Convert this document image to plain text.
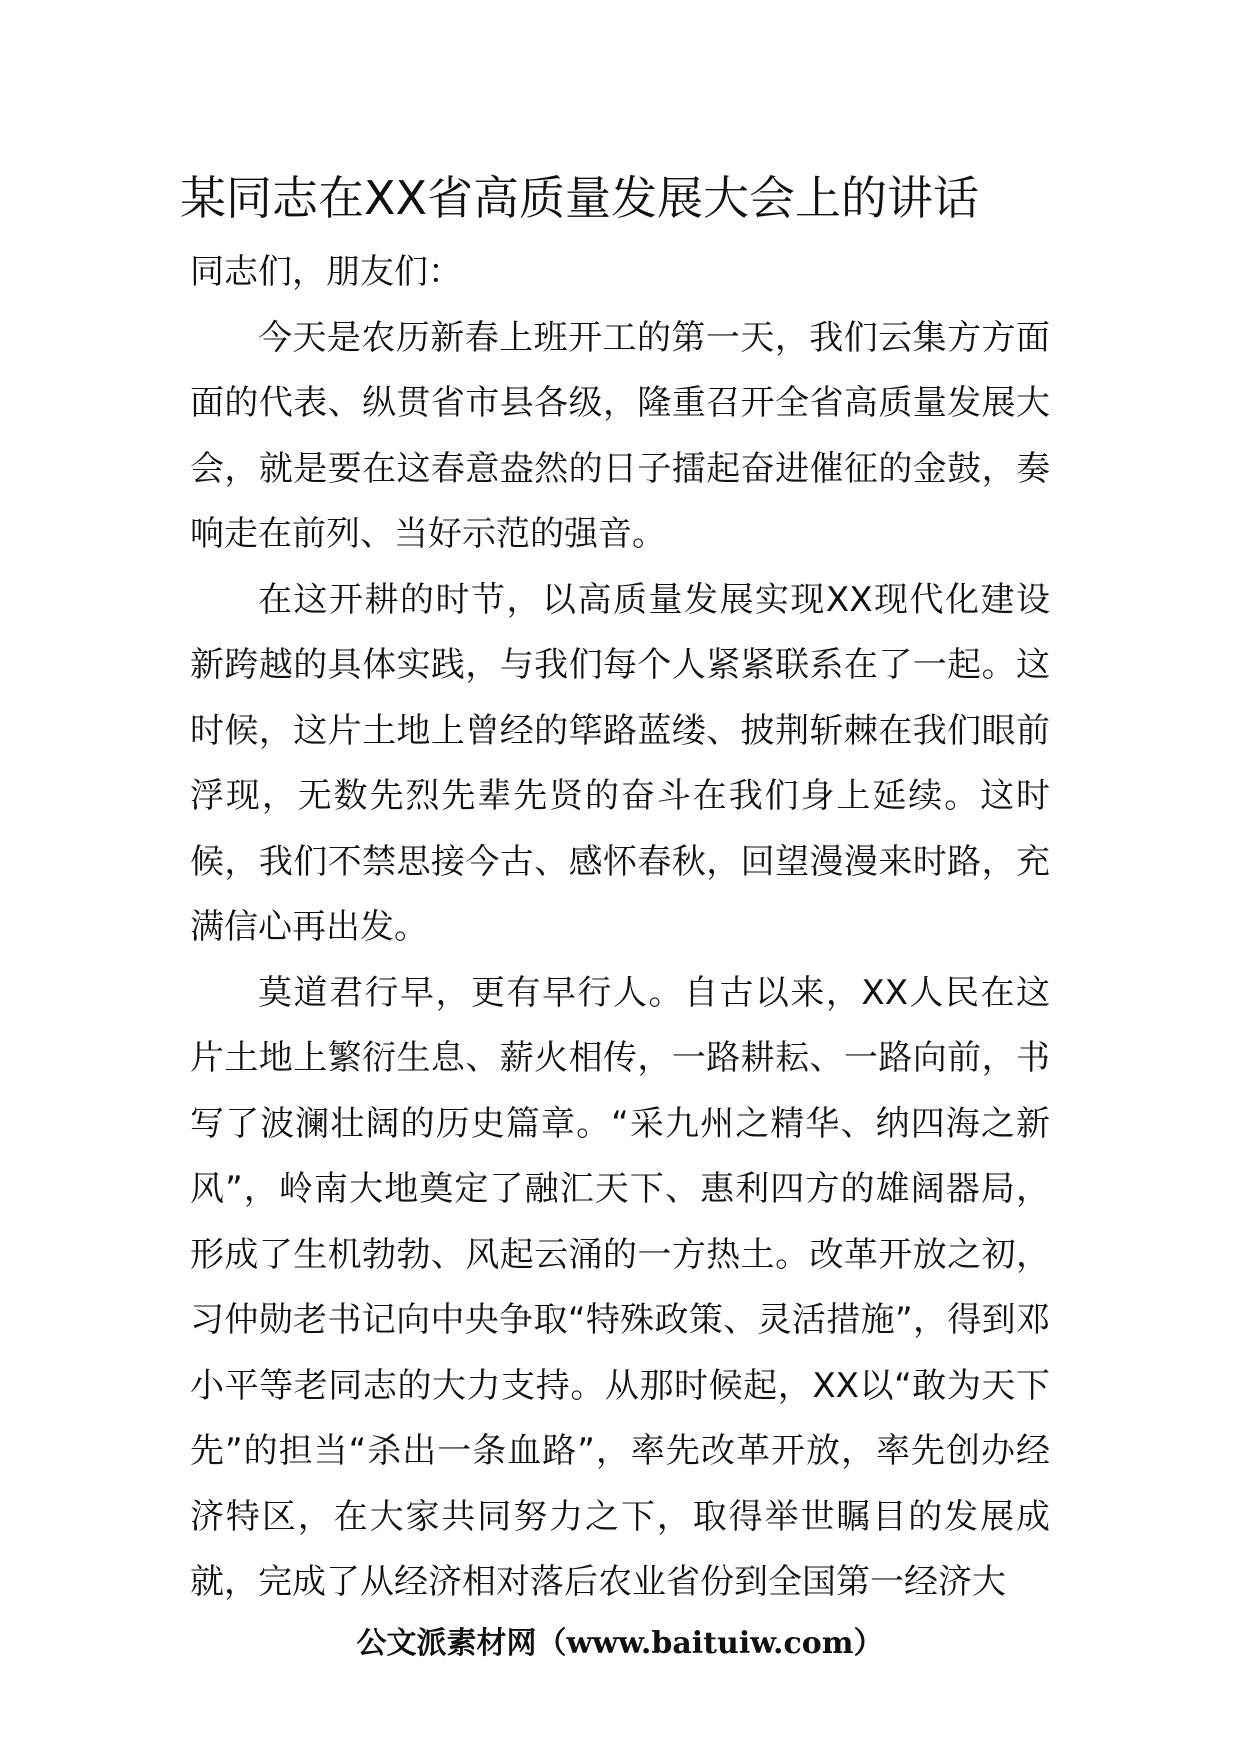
某同志在XX省高质量发展大会上的讲话

同志们，朋友们：

今天是农历新春上班开工的第一天，我们云集方方面面的代表、纵贯省市县各级，隆重召开全省高质量发展大会，就是要在这春意盎然的日子擂起奋进催征的金鼓，奏响走在前列、当好示范的强音。

在这开耕的时节，以高质量发展实现XX现代化建设新跨越的具体实践，与我们每个人紧紧联系在了一起。这时候，这片土地上曾经的筚路蓝缕、披荆斩棘在我们眼前浮现，无数先烈先辈先贤的奋斗在我们身上延续。这时候，我们不禁思接今古、感怀春秋，回望漫漫来时路，充满信心再出发。

莫道君行早，更有早行人。自古以来，XX人民在这片土地上繁衍生息、薪火相传，一路耕耘、一路向前，书写了波澜壮阔的历史篇章。“采九州之精华、纳四海之新风”，岭南大地奠定了融汇天下、惠利四方的雄阔器局，形成了生机勃勃、风起云涌的一方热土。改革开放之初，习仲勋老书记向中央争取“特殊政策、灵活措施”，得到邓小平等老同志的大力支持。从那时候起，XX以“敢为天下先”的担当“杀出一条血路”，率先改革开放，率先创办经济特区，在大家共同努力之下，取得举世瞩目的发展成就，完成了从经济相对落后农业省份到全国第一经济大

公文派素材网（www.baituiw.com）
